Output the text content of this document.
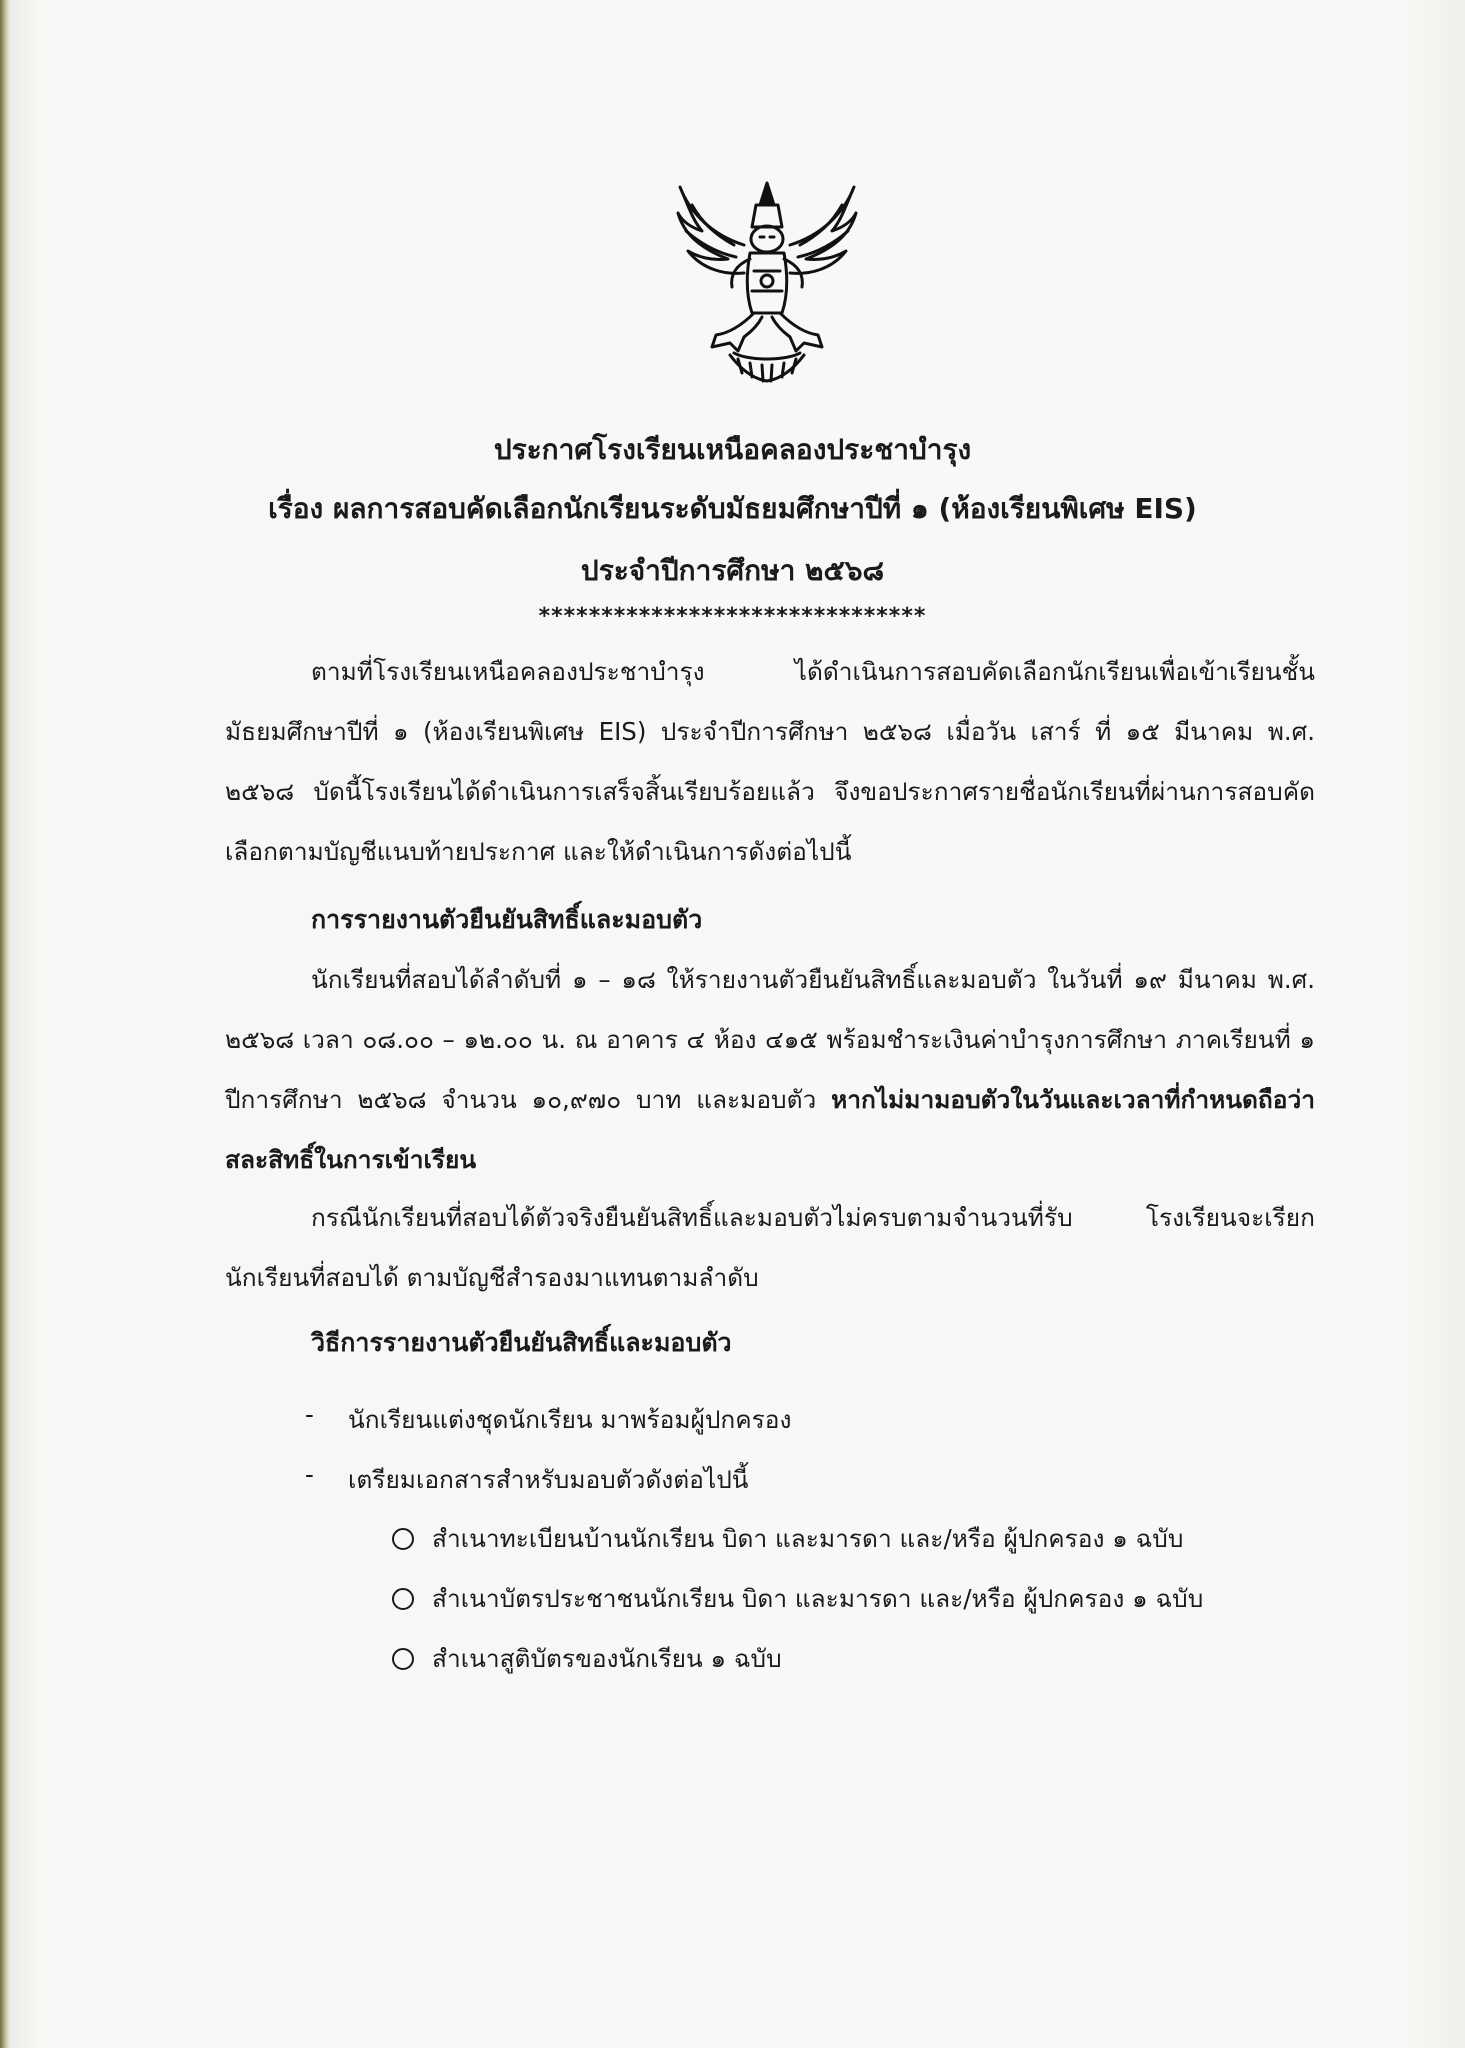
ประกาศโรงเรียนเหนือคลองประชาบำรุง
เรื่อง ผลการสอบคัดเลือกนักเรียนระดับมัธยมศึกษาปีที่ ๑ (ห้องเรียนพิเศษ EIS)
ประจำปีการศึกษา ๒๕๖๘
*******************************
ตามที่โรงเรียนเหนือคลองประชาบำรุง ได้ดำเนินการสอบคัดเลือกนักเรียนเพื่อเข้าเรียนชั้นมัธยมศึกษาปีที่ ๑ (ห้องเรียนพิเศษ EIS) ประจำปีการศึกษา ๒๕๖๘ เมื่อวัน เสาร์ ที่ ๑๕ มีนาคม พ.ศ. ๒๕๖๘ บัดนี้โรงเรียนได้ดำเนินการเสร็จสิ้นเรียบร้อยแล้ว จึงขอประกาศรายชื่อนักเรียนที่ผ่านการสอบคัดเลือกตามบัญชีแนบท้ายประกาศ และให้ดำเนินการดังต่อไปนี้
การรายงานตัวยืนยันสิทธิ์และมอบตัว
นักเรียนที่สอบได้ลำดับที่ ๑ – ๑๘ ให้รายงานตัวยืนยันสิทธิ์และมอบตัว ในวันที่ ๑๙ มีนาคม พ.ศ. ๒๕๖๘ เวลา ๐๘.๐๐ – ๑๒.๐๐ น. ณ อาคาร ๔ ห้อง ๔๑๕ พร้อมชำระเงินค่าบำรุงการศึกษา ภาคเรียนที่ ๑ ปีการศึกษา ๒๕๖๘ จำนวน ๑๐,๙๗๐ บาท และมอบตัว หากไม่มามอบตัวในวันและเวลาที่กำหนดถือว่าสละสิทธิ์ในการเข้าเรียน
กรณีนักเรียนที่สอบได้ตัวจริงยืนยันสิทธิ์และมอบตัวไม่ครบตามจำนวนที่รับ โรงเรียนจะเรียกนักเรียนที่สอบได้ ตามบัญชีสำรองมาแทนตามลำดับ
วิธีการรายงานตัวยืนยันสิทธิ์และมอบตัว
- นักเรียนแต่งชุดนักเรียน มาพร้อมผู้ปกครอง
- เตรียมเอกสารสำหรับมอบตัวดังต่อไปนี้
สำเนาทะเบียนบ้านนักเรียน บิดา และมารดา และ/หรือ ผู้ปกครอง ๑ ฉบับ
สำเนาบัตรประชาชนนักเรียน บิดา และมารดา และ/หรือ ผู้ปกครอง ๑ ฉบับ
สำเนาสูติบัตรของนักเรียน ๑ ฉบับ
